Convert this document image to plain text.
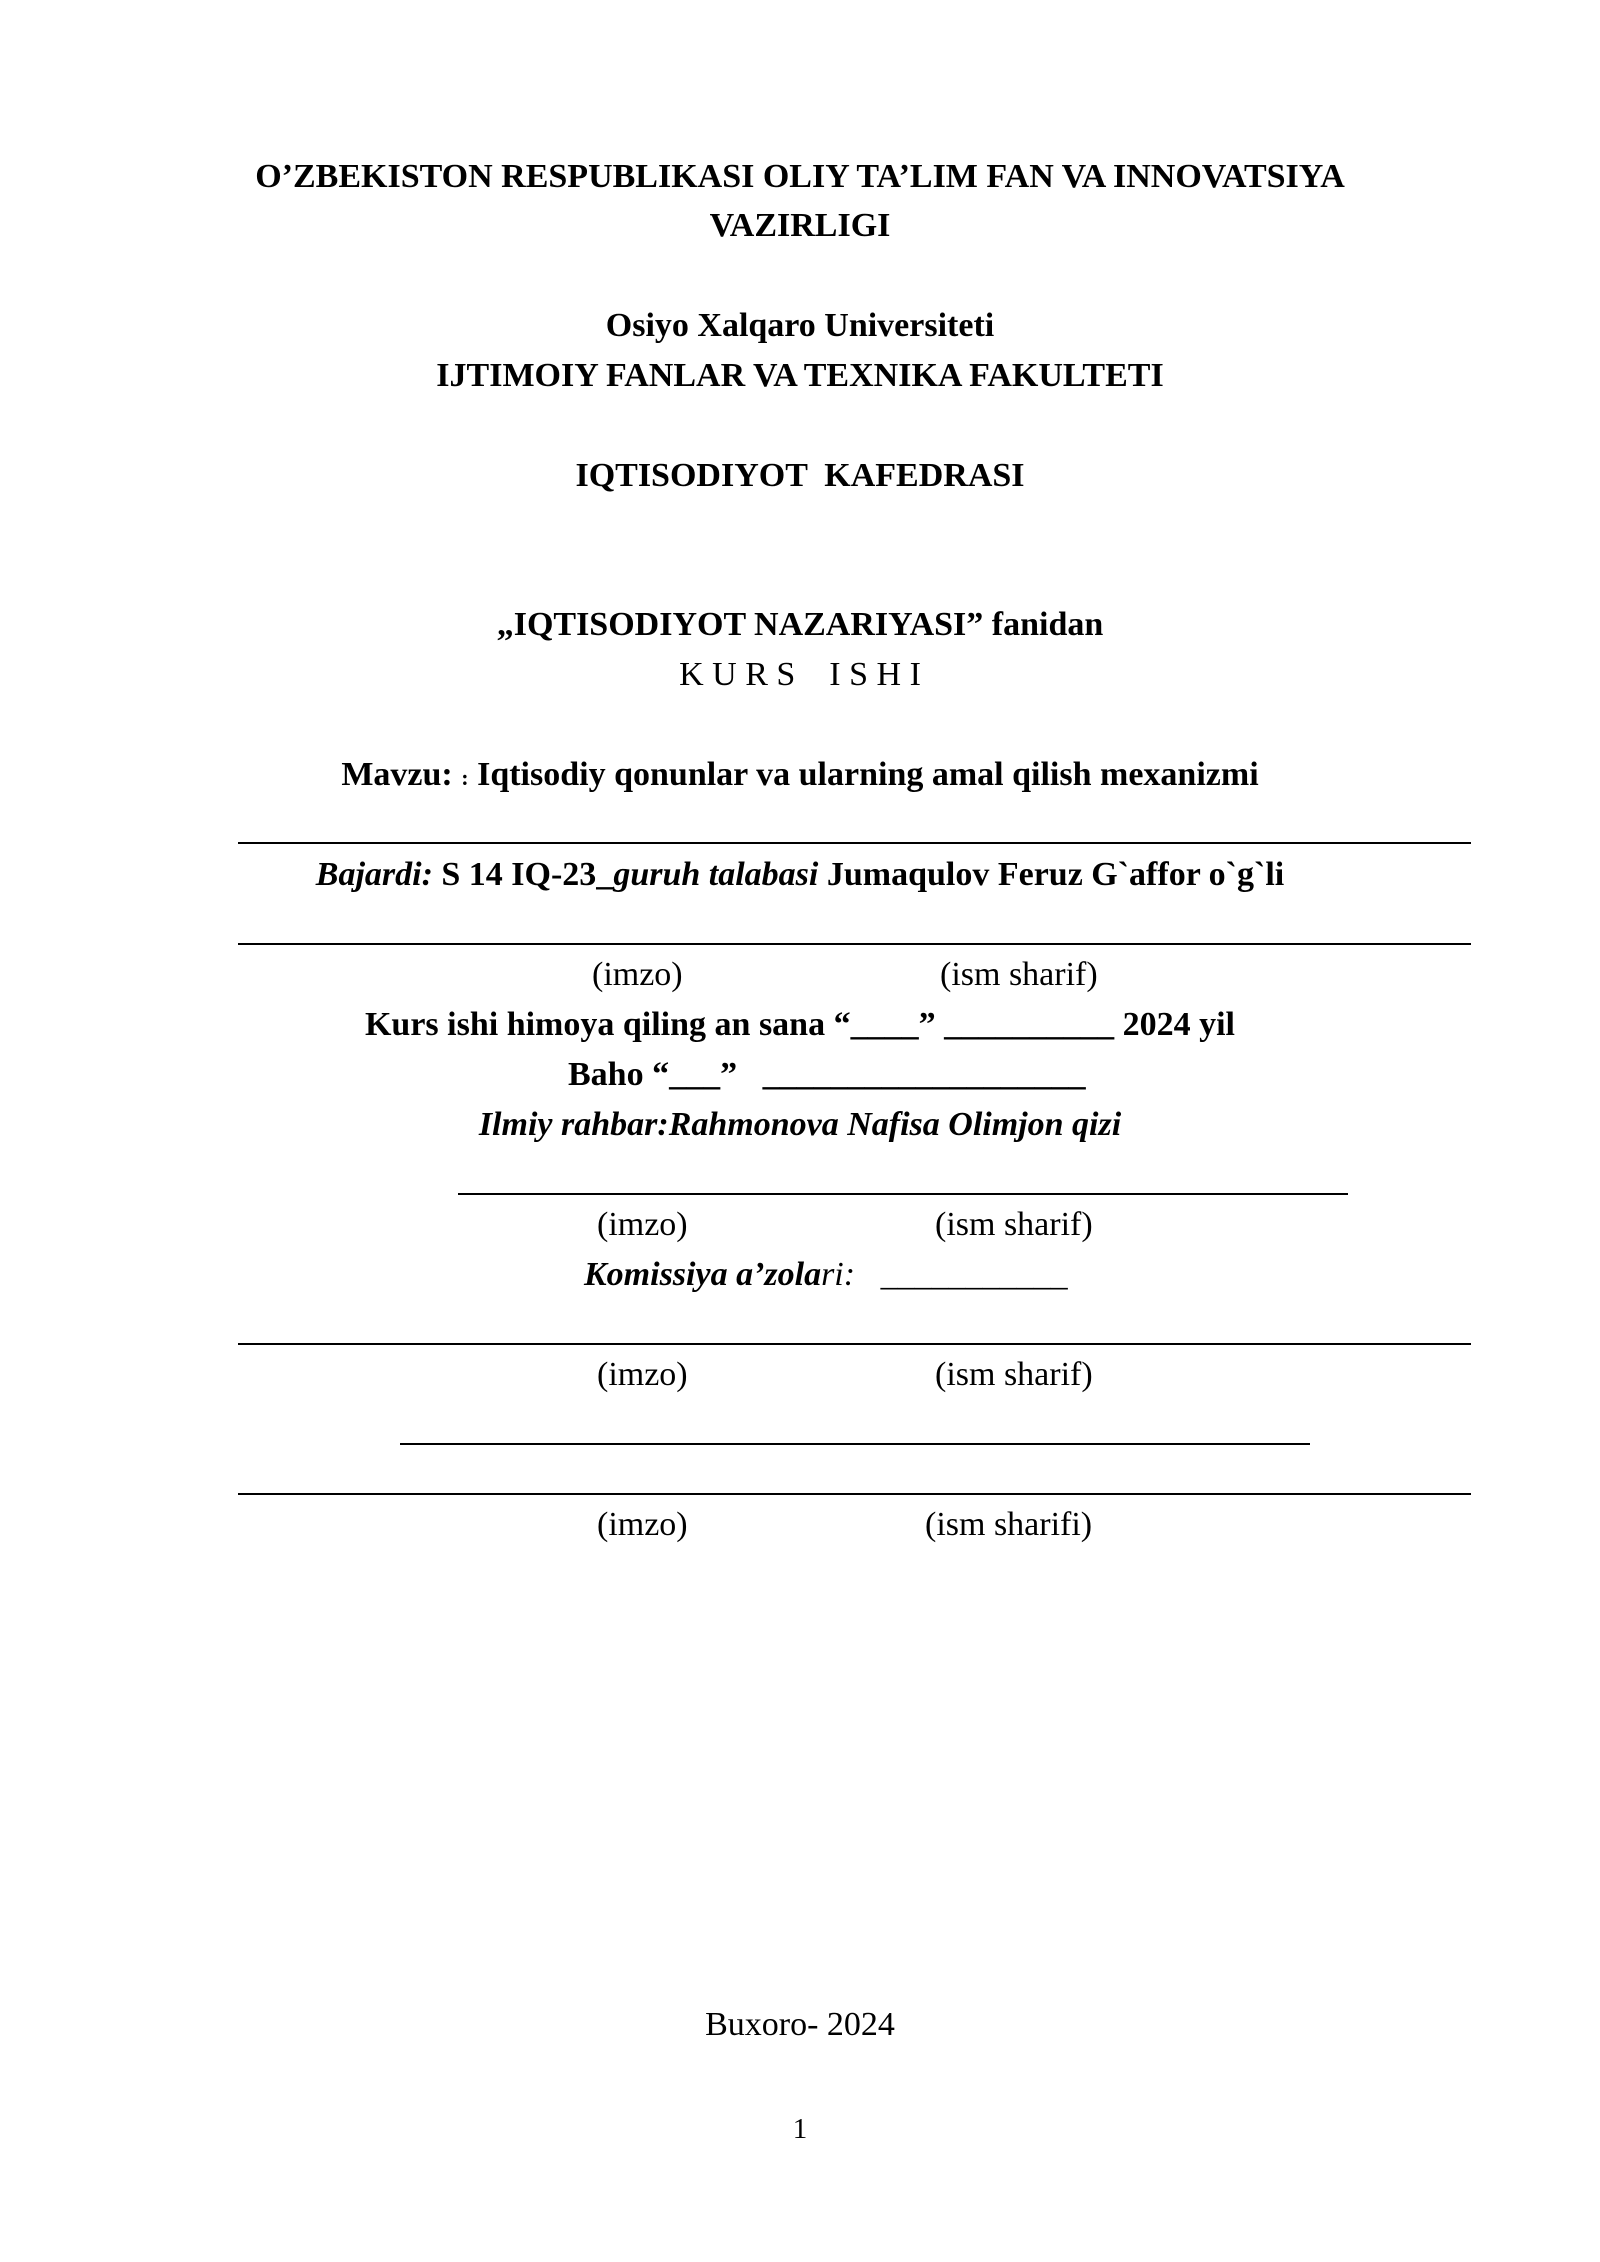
O’ZBEKISTON RESPUBLIKASI OLIY TA’LIM FAN VA INNOVATSIYA
VAZIRLIGI
Osiyo Xalqaro Universiteti
IJTIMOIY FANLAR VA TEXNIKA FAKULTETI
IQTISODIYOT  KAFEDRASI
„IQTISODIYOT NAZARIYASI” fanidan
K U R S    I S H I
Mavzu: : Iqtisodiy qonunlar va ularning amal qilish mexanizmi
Bajardi: S 14 IQ-23_guruh talabasi Jumaqulov Feruz G`affor o`g`li
(imzo)	(ism sharif)
Kurs ishi himoya qiling an sana “____” __________ 2024 yil
Baho “___” ___________________
Ilmiy rahbar:Rahmonova Nafisa Olimjon qizi
(imzo)	(ism sharif)
Komissiya a’zolari: ___________
(imzo)	(ism sharif)
(imzo)	(ism sharifi)
Buxoro- 2024
1
